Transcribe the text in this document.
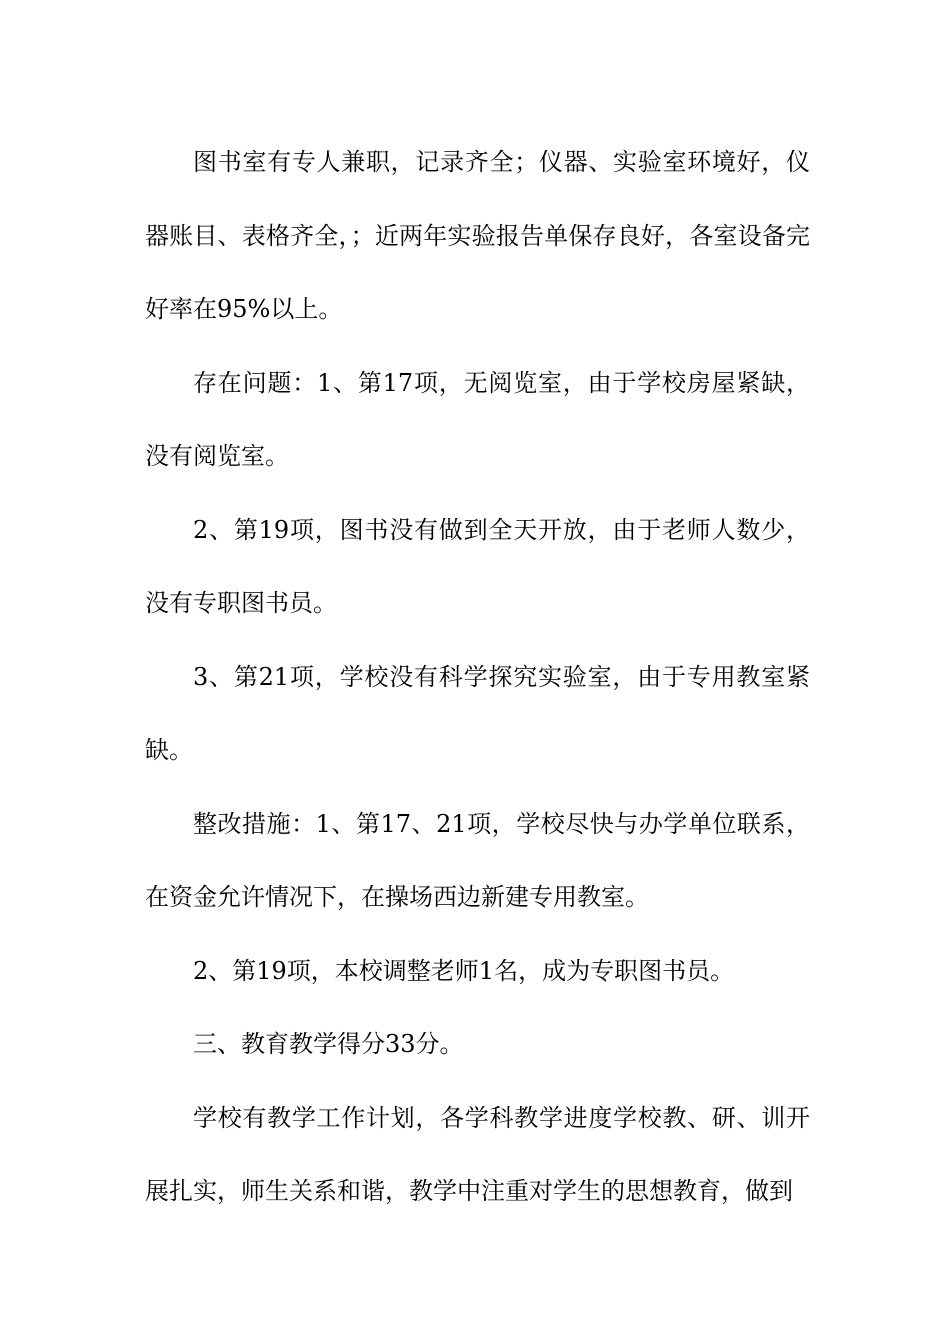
图书室有专人兼职，记录齐全；仪器、实验室环境好，仪器账目、表格齐全，；近两年实验报告单保存良好，各室设备完好率在95%以上。

存在问题：1、第17项，无阅览室，由于学校房屋紧缺，没有阅览室。

2、第19项，图书没有做到全天开放，由于老师人数少，没有专职图书员。

3、第21项，学校没有科学探究实验室，由于专用教室紧缺。

整改措施：1、第17、21项，学校尽快与办学单位联系，在资金允许情况下，在操场西边新建专用教室。

2、第19项，本校调整老师1名，成为专职图书员。

三、教育教学得分33分。

学校有教学工作计划，各学科教学进度学校教、研、训开展扎实，师生关系和谐，教学中注重对学生的思想教育，做到
